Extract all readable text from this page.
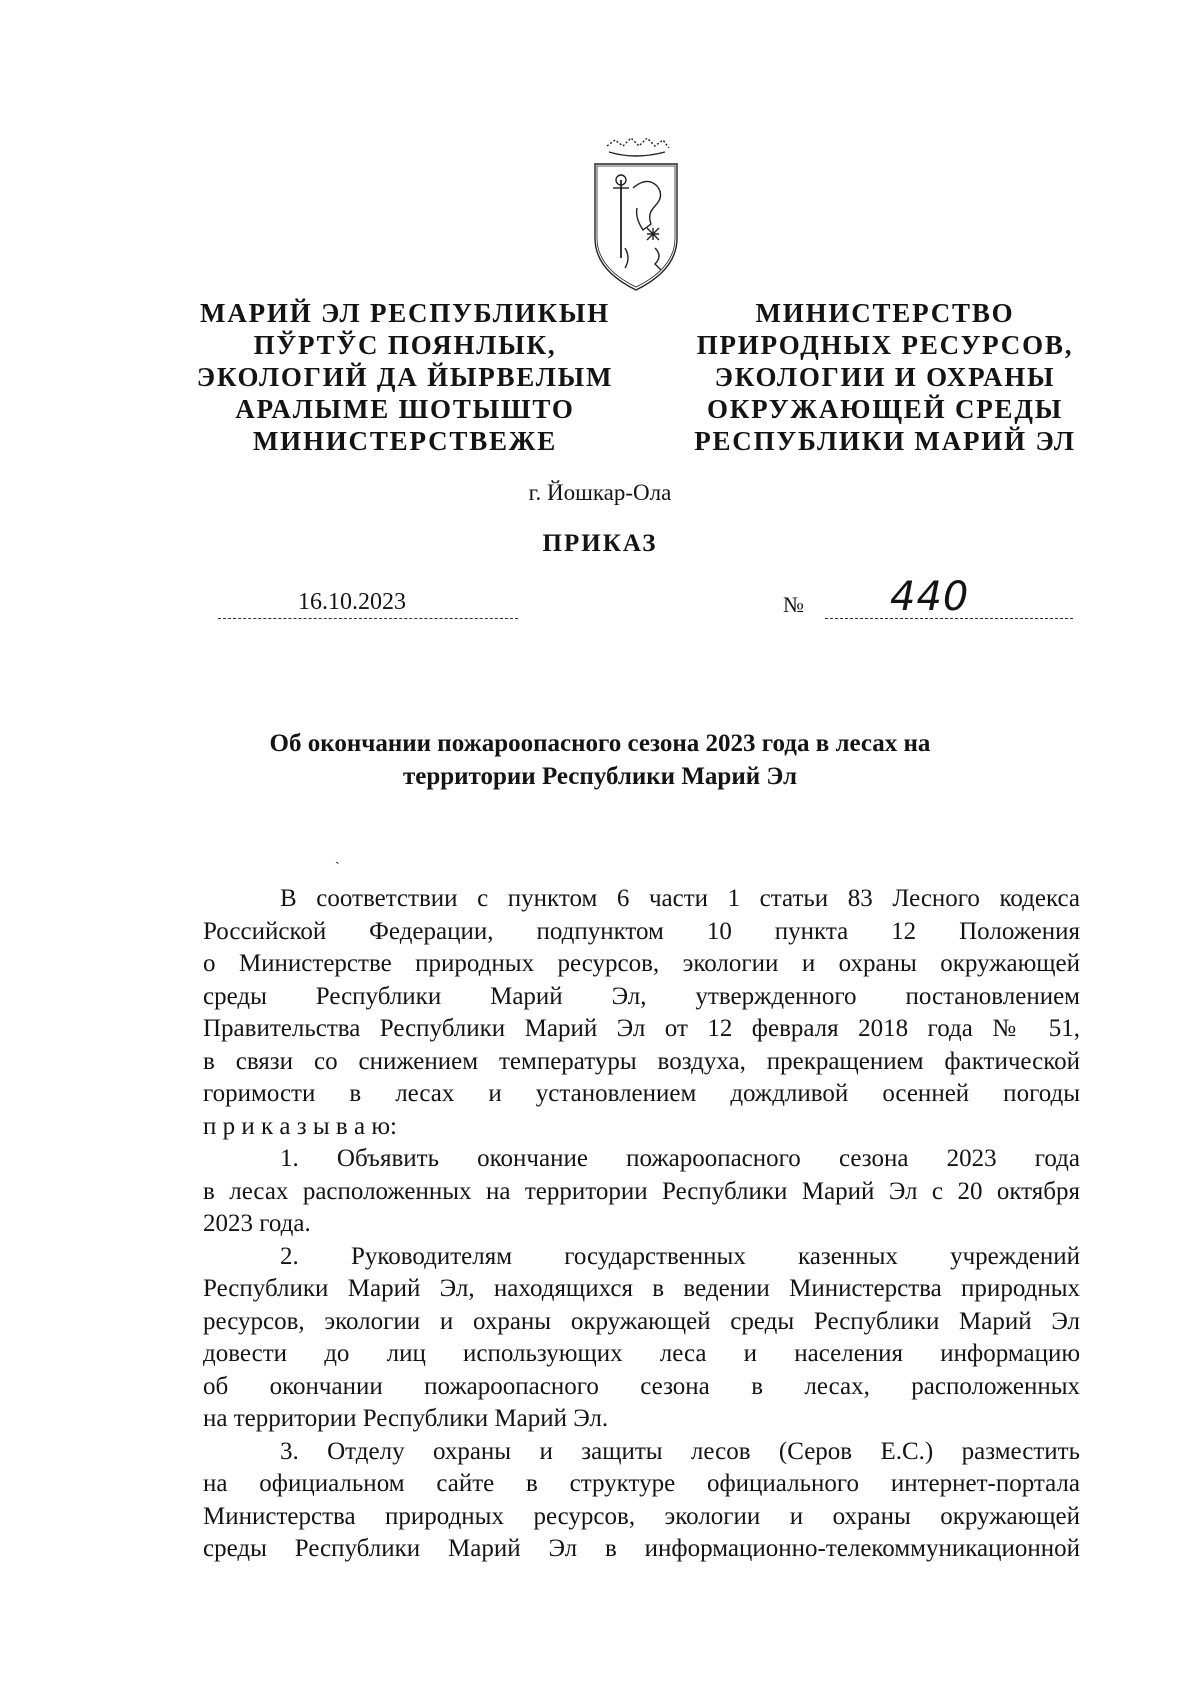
МАРИЙ ЭЛ РЕСПУБЛИКЫН
ПЎРТЎС ПОЯНЛЫК,
ЭКОЛОГИЙ ДА ЙЫРВЕЛЫМ
АРАЛЫМЕ ШОТЫШТО
МИНИСТЕРСТВЕЖЕ
МИНИСТЕРСТВО
ПРИРОДНЫХ РЕСУРСОВ,
ЭКОЛОГИИ И ОХРАНЫ
ОКРУЖАЮЩЕЙ СРЕДЫ
РЕСПУБЛИКИ МАРИЙ ЭЛ
г. Йошкар-Ола
ПРИКАЗ
16.10.2023	№ 440
Об окончании пожароопасного сезона 2023 года в лесах на
территории Республики Марий Эл
ˎ
В соответствии с пунктом 6 части 1 статьи 83 Лесного кодекса
Российской Федерации, подпунктом 10 пункта 12 Положения
о Министерстве природных ресурсов, экологии и охраны окружающей
среды Республики Марий Эл, утвержденного постановлением
Правительства Республики Марий Эл от 12 февраля 2018 года № 51,
в связи со снижением температуры воздуха, прекращением фактической
горимости в лесах и установлением дождливой осенней погоды
п р и к а з ы в а ю:
1. Объявить окончание пожароопасного сезона 2023 года
в лесах расположенных на территории Республики Марий Эл с 20 октября
2023 года.
2. Руководителям государственных казенных учреждений
Республики Марий Эл, находящихся в ведении Министерства природных
ресурсов, экологии и охраны окружающей среды Республики Марий Эл
довести до лиц использующих леса и населения информацию
об окончании пожароопасного сезона в лесах, расположенных
на территории Республики Марий Эл.
3. Отделу охраны и защиты лесов (Серов Е.С.) разместить
на официальном сайте в структуре официального интернет-портала
Министерства природных ресурсов, экологии и охраны окружающей
среды Республики Марий Эл в информационно-телекоммуникационной
